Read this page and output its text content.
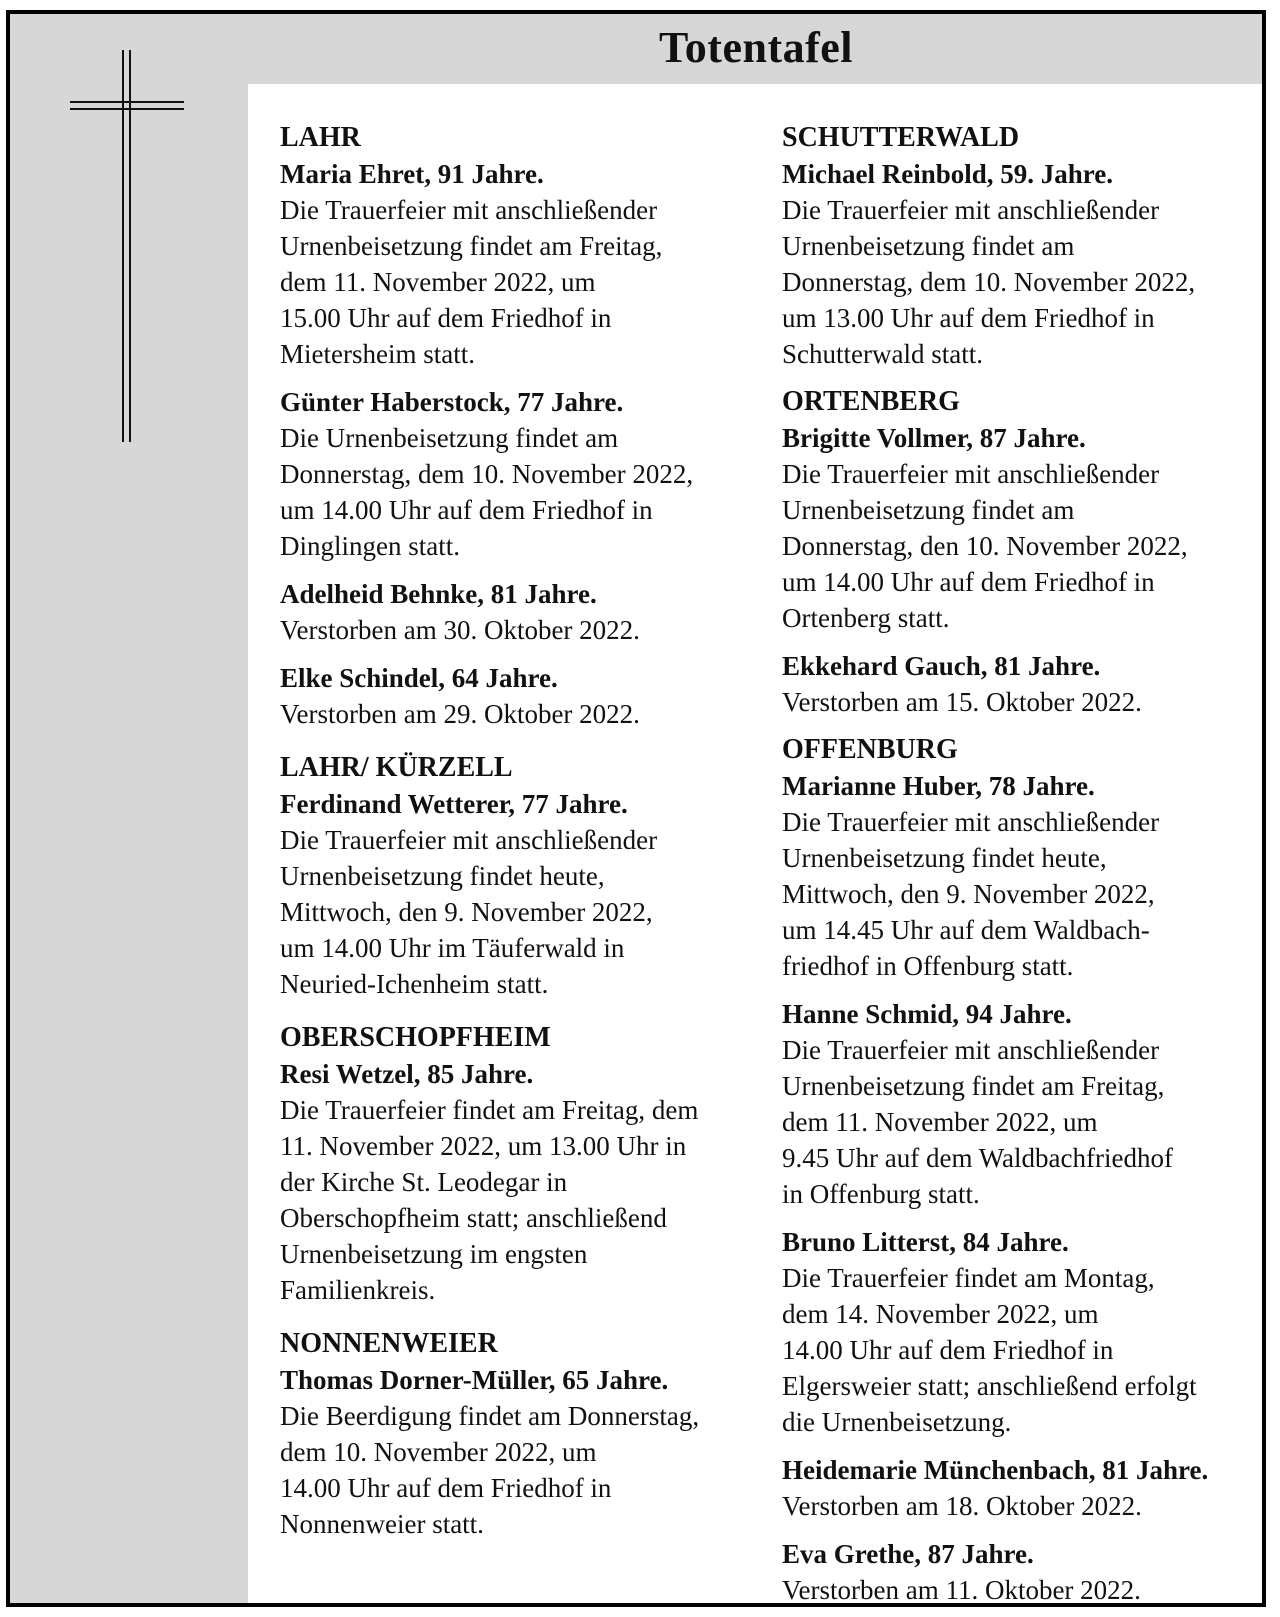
Totentafel
LAHR
Maria Ehret, 91 Jahre.
Die Trauerfeier mit anschließender
Urnenbeisetzung findet am Freitag,
dem 11. November 2022, um
15.00 Uhr auf dem Friedhof in
Mietersheim statt.
Günter Haberstock, 77 Jahre.
Die Urnenbeisetzung findet am
Donnerstag, dem 10. November 2022,
um 14.00 Uhr auf dem Friedhof in
Dinglingen statt.
Adelheid Behnke, 81 Jahre.
Verstorben am 30. Oktober 2022.
Elke Schindel, 64 Jahre.
Verstorben am 29. Oktober 2022.
LAHR/ KÜRZELL
Ferdinand Wetterer, 77 Jahre.
Die Trauerfeier mit anschließender
Urnenbeisetzung findet heute,
Mittwoch, den 9. November 2022,
um 14.00 Uhr im Täuferwald in
Neuried-Ichenheim statt.
OBERSCHOPFHEIM
Resi Wetzel, 85 Jahre.
Die Trauerfeier findet am Freitag, dem
11. November 2022, um 13.00 Uhr in
der Kirche St. Leodegar in
Oberschopfheim statt; anschließend
Urnenbeisetzung im engsten
Familienkreis.
NONNENWEIER
Thomas Dorner-Müller, 65 Jahre.
Die Beerdigung findet am Donnerstag,
dem 10. November 2022, um
14.00 Uhr auf dem Friedhof in
Nonnenweier statt.
SCHUTTERWALD
Michael Reinbold, 59. Jahre.
Die Trauerfeier mit anschließender
Urnenbeisetzung findet am
Donnerstag, dem 10. November 2022,
um 13.00 Uhr auf dem Friedhof in
Schutterwald statt.
ORTENBERG
Brigitte Vollmer, 87 Jahre.
Die Trauerfeier mit anschließender
Urnenbeisetzung findet am
Donnerstag, den 10. November 2022,
um 14.00 Uhr auf dem Friedhof in
Ortenberg statt.
Ekkehard Gauch, 81 Jahre.
Verstorben am 15. Oktober 2022.
OFFENBURG
Marianne Huber, 78 Jahre.
Die Trauerfeier mit anschließender
Urnenbeisetzung findet heute,
Mittwoch, den 9. November 2022,
um 14.45 Uhr auf dem Waldbach-
friedhof in Offenburg statt.
Hanne Schmid, 94 Jahre.
Die Trauerfeier mit anschließender
Urnenbeisetzung findet am Freitag,
dem 11. November 2022, um
9.45 Uhr auf dem Waldbachfriedhof
in Offenburg statt.
Bruno Litterst, 84 Jahre.
Die Trauerfeier findet am Montag,
dem 14. November 2022, um
14.00 Uhr auf dem Friedhof in
Elgersweier statt; anschließend erfolgt
die Urnenbeisetzung.
Heidemarie Münchenbach, 81 Jahre.
Verstorben am 18. Oktober 2022.
Eva Grethe, 87 Jahre.
Verstorben am 11. Oktober 2022.
